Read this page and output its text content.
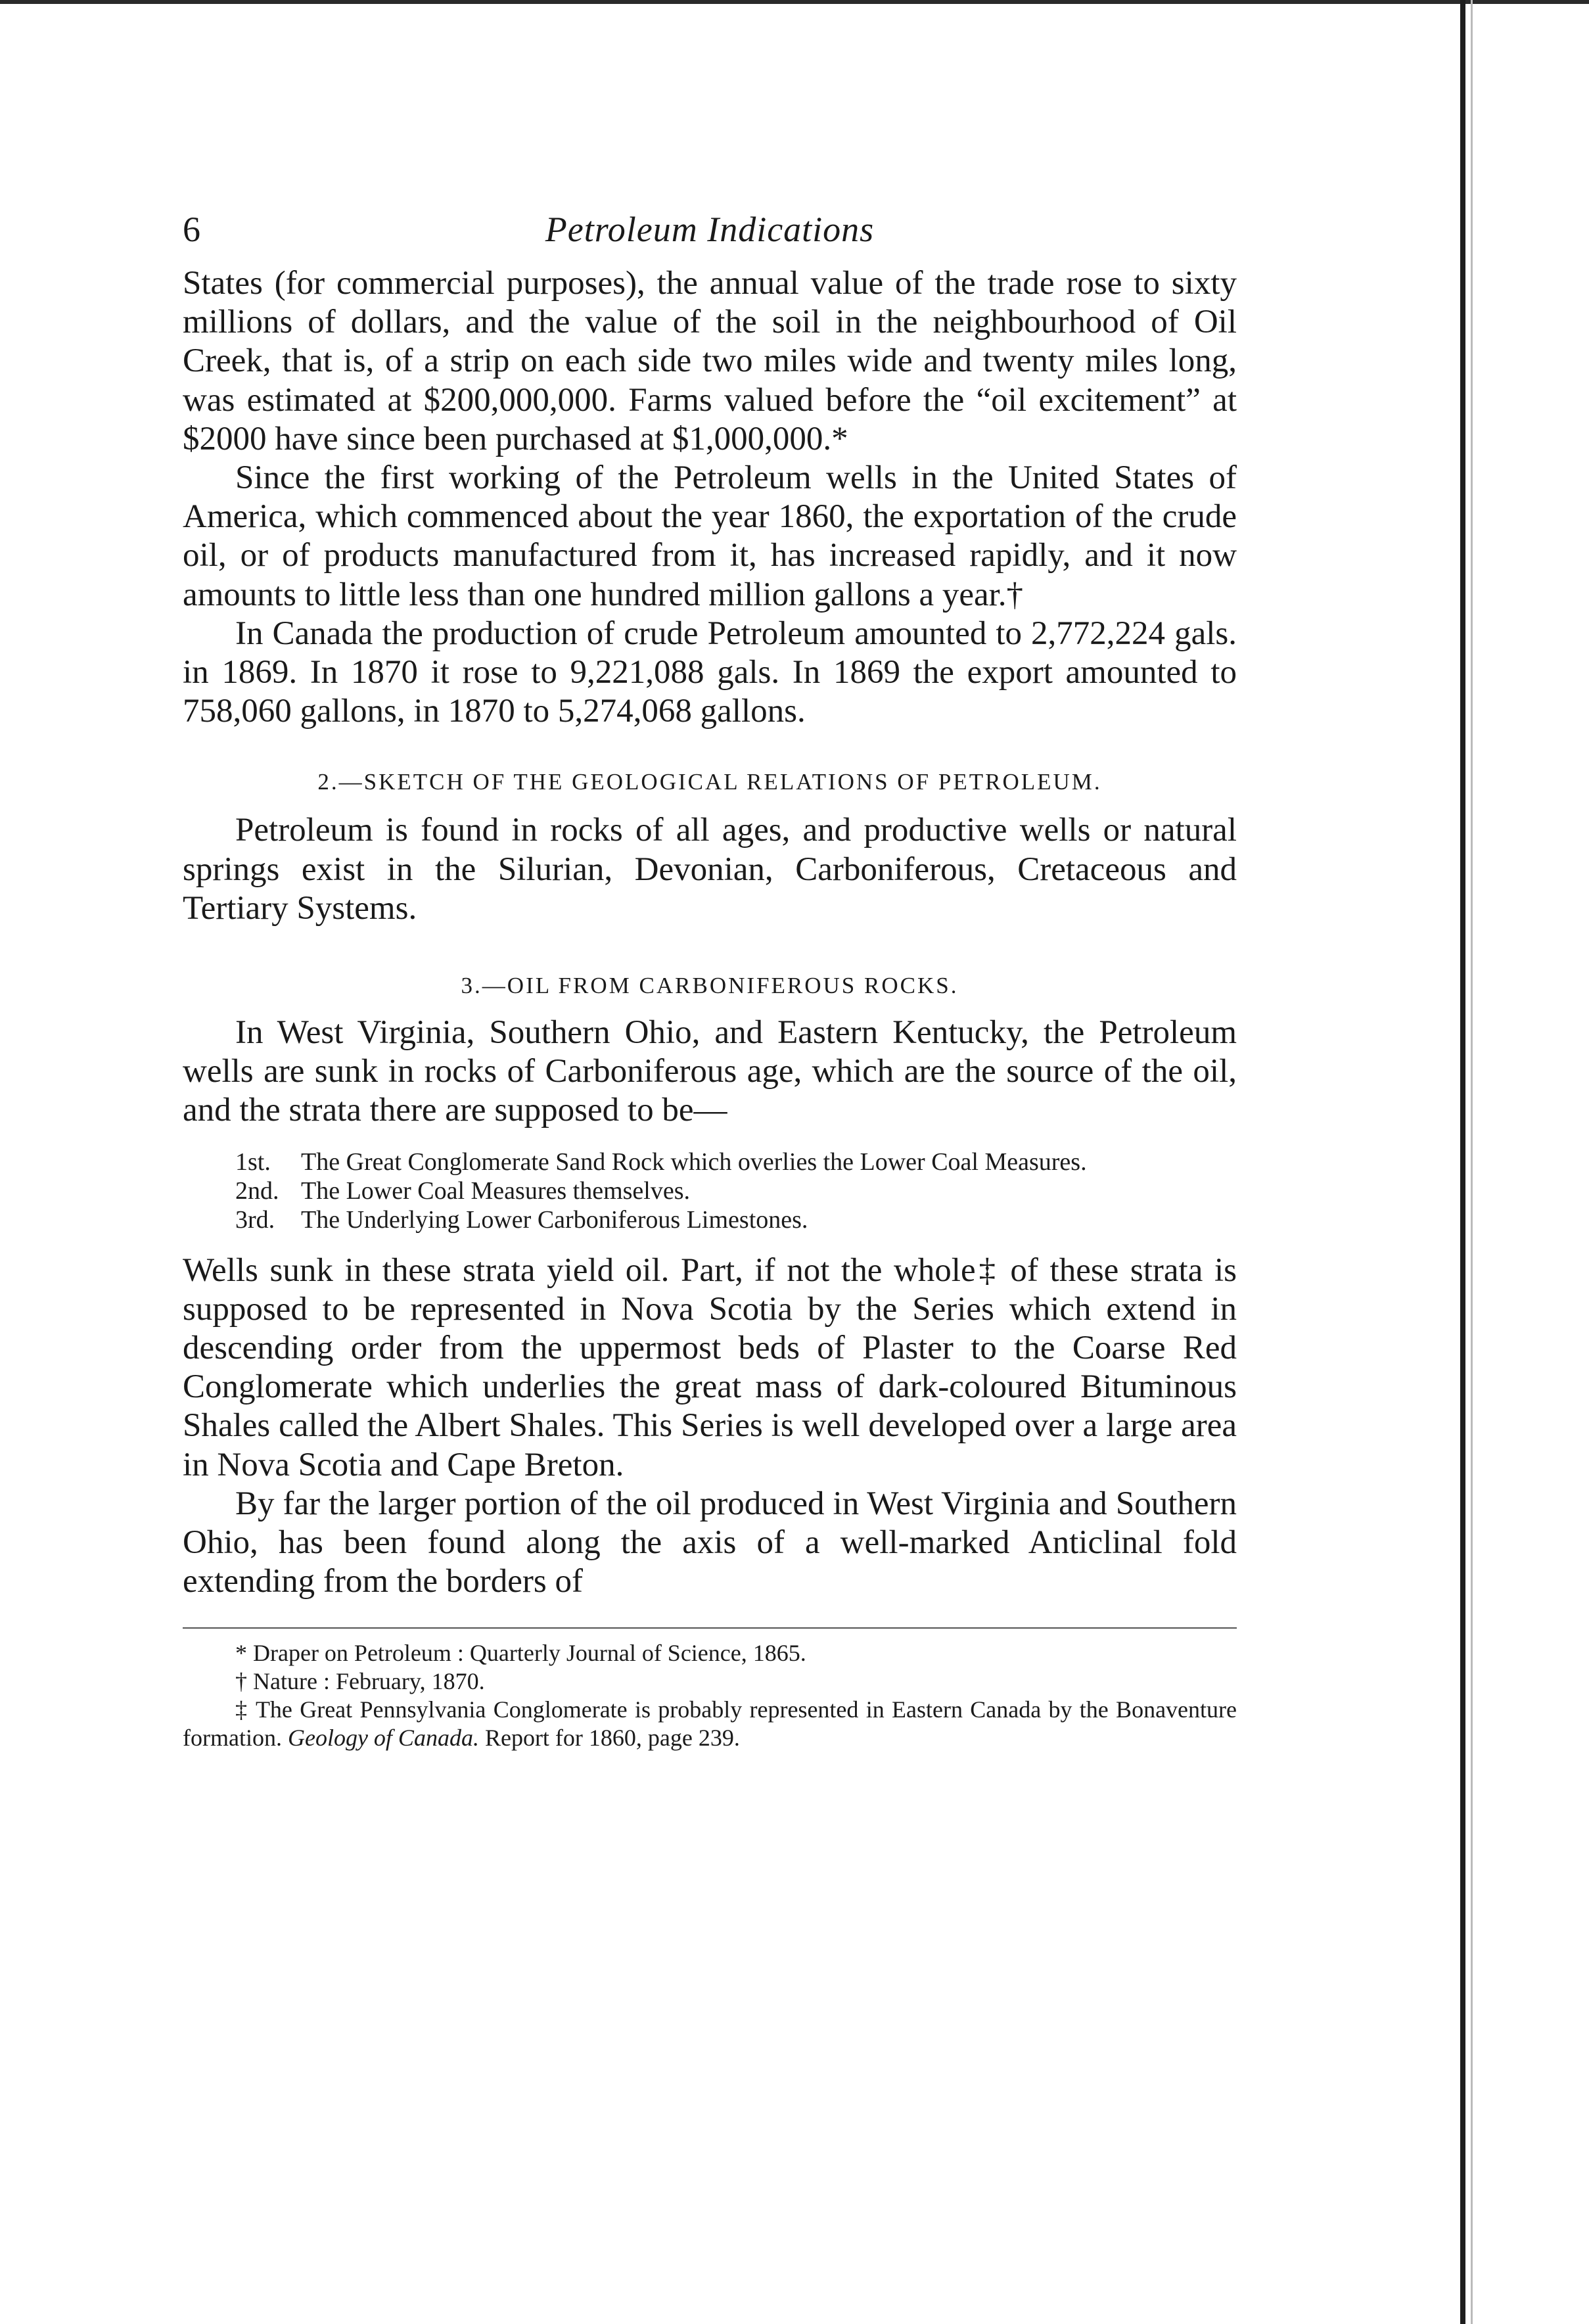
6	Petroleum Indications

States (for commercial purposes), the annual value of the trade rose to sixty millions of dollars, and the value of the soil in the neighbourhood of Oil Creek, that is, of a strip on each side two miles wide and twenty miles long, was estimated at $200,000,000. Farms valued before the “oil excitement” at $2000 have since been purchased at $1,000,000.*

Since the first working of the Petroleum wells in the United States of America, which commenced about the year 1860, the exportation of the crude oil, or of products manufactured from it, has increased rapidly, and it now amounts to little less than one hundred million gallons a year.†

In Canada the production of crude Petroleum amounted to 2,772,224 gals. in 1869. In 1870 it rose to 9,221,088 gals. In 1869 the export amounted to 758,060 gallons, in 1870 to 5,274,068 gallons.

2.—SKETCH OF THE GEOLOGICAL RELATIONS OF PETROLEUM.

Petroleum is found in rocks of all ages, and productive wells or natural springs exist in the Silurian, Devonian, Carboniferous, Cretaceous and Tertiary Systems.

3.—OIL FROM CARBONIFEROUS ROCKS.

In West Virginia, Southern Ohio, and Eastern Kentucky, the Petroleum wells are sunk in rocks of Carboniferous age, which are the source of the oil, and the strata there are supposed to be—

1st. The Great Conglomerate Sand Rock which overlies the Lower Coal Measures.
2nd. The Lower Coal Measures themselves.
3rd. The Underlying Lower Carboniferous Limestones.

Wells sunk in these strata yield oil. Part, if not the whole‡ of these strata is supposed to be represented in Nova Scotia by the Series which extend in descending order from the uppermost beds of Plaster to the Coarse Red Conglomerate which underlies the great mass of dark-coloured Bituminous Shales called the Albert Shales. This Series is well developed over a large area in Nova Scotia and Cape Breton.

By far the larger portion of the oil produced in West Virginia and Southern Ohio, has been found along the axis of a well-marked Anticlinal fold extending from the borders of

* Draper on Petroleum : Quarterly Journal of Science, 1865.

† Nature : February, 1870.

‡ The Great Pennsylvania Conglomerate is probably represented in Eastern Canada by the Bonaventure formation. Geology of Canada. Report for 1860, page 239.
